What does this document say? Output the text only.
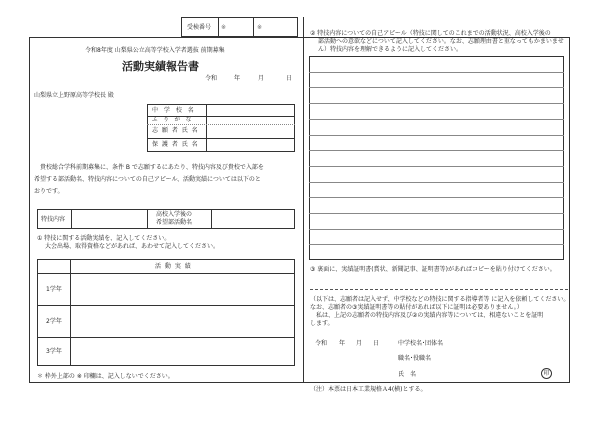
受検番号 ※	※
令和8年度 山梨県公立高等学校入学者選抜 前期募集
活動実績報告書
令和	年	月	日
山梨県立上野原高等学校長 殿
中 学 校 名
ふ り が な
志 願 者 氏 名
保 護 者 氏 名
　貴校総合学科前期募集に、条件 B で志願するにあたり、特技内容及び貴校で入部を
希望する部活動名、特技内容についての自己アピール、活動実績については以下のと
おりです。
特技内容
高校入学後の
希望部活動名
① 特技に関する活動実績を、記入してください。
大会出場、取得資格などがあれば、あわせて記入してください。
活 動 実 績
1学年
2学年
3学年
＊ 枠外上部の ※ 印欄は、記入しないでください。
② 特技内容についての自己アピール（特技に関してのこれまでの活動状況、高校入学後の
部活動への意欲などについて記入してください。なお、志願理由書と重なってもかまいませ
ん）特技内容を理解できるように記入してください。
③ 裏面に、実績証明書(賞状、新聞記事、証明書等)があればコピーを貼り付けてください。
（以下は、志願者は記入せず、中学校などの特技に関する指導者等 に記入を依頼してください。
なお、志願者の③実績証明書等の貼付があれば以下に証明は必要ありません。）
　私は、上記の志願者の特技内容及び②の実績内容等については、相違ないことを証明
します。
令和 年 月 日	中学校名･団体名
職名･役職名
氏　名	印
（注）本票は日本工業規格Ａ4(横)とする。
